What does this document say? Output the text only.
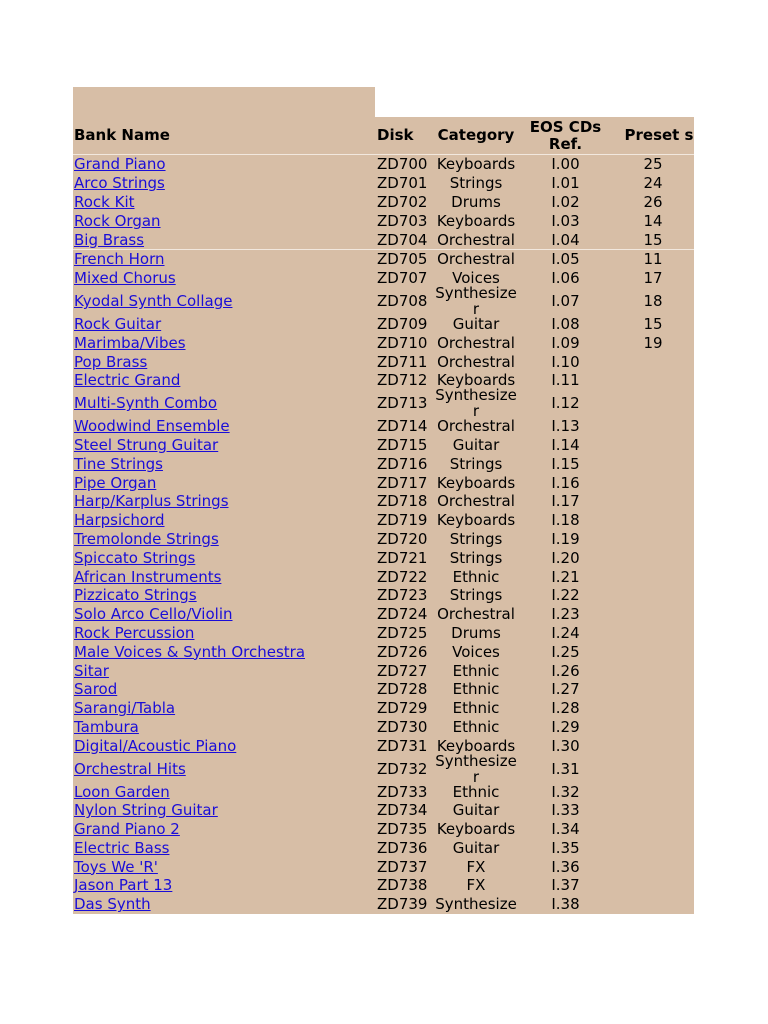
Bank Name	Disk	Category	EOS CDs Ref.	Preset s
Grand Piano	ZD700 Keyboards	I.00	25
Arco Strings	ZD701	Strings	I.01	24
Rock Kit	ZD702	Drums	I.02	26
Rock Organ	ZD703 Keyboards	I.03	14
Big Brass	ZD704 Orchestral	I.04	15
French Horn	ZD705 Orchestral	I.05	11
Mixed Chorus	ZD707	Voices	I.06	17
Kyodal Synth Collage	ZD708 Synthesize r	I.07	18
Rock Guitar	ZD709	Guitar	I.08	15
Marimba/Vibes	ZD710 Orchestral	I.09	19
Pop Brass	ZD711 Orchestral	I.10
Electric Grand	ZD712 Keyboards	I.11
Multi-Synth Combo	ZD713 Synthesize r	I.12
Woodwind Ensemble	ZD714 Orchestral	I.13
Steel Strung Guitar	ZD715	Guitar	I.14
Tine Strings	ZD716	Strings	I.15
Pipe Organ	ZD717 Keyboards	I.16
Harp/Karplus Strings	ZD718 Orchestral	I.17
Harpsichord	ZD719 Keyboards	I.18
Tremolonde Strings	ZD720	Strings	I.19
Spiccato Strings	ZD721	Strings	I.20
African Instruments	ZD722	Ethnic	I.21
Pizzicato Strings	ZD723	Strings	I.22
Solo Arco Cello/Violin	ZD724 Orchestral	I.23
Rock Percussion	ZD725	Drums	I.24
Male Voices & Synth Orchestra	ZD726	Voices	I.25
Sitar	ZD727	Ethnic	I.26
Sarod	ZD728	Ethnic	I.27
Sarangi/Tabla	ZD729	Ethnic	I.28
Tambura	ZD730	Ethnic	I.29
Digital/Acoustic Piano	ZD731 Keyboards	I.30
Orchestral Hits	ZD732 Synthesize r	I.31
Loon Garden	ZD733	Ethnic	I.32
Nylon String Guitar	ZD734	Guitar	I.33
Grand Piano 2	ZD735 Keyboards	I.34
Electric Bass	ZD736	Guitar	I.35
Toys We 'R'	ZD737	FX	I.36
Jason Part 13	ZD738	FX	I.37
Das Synth	ZD739 Synthesize	I.38
